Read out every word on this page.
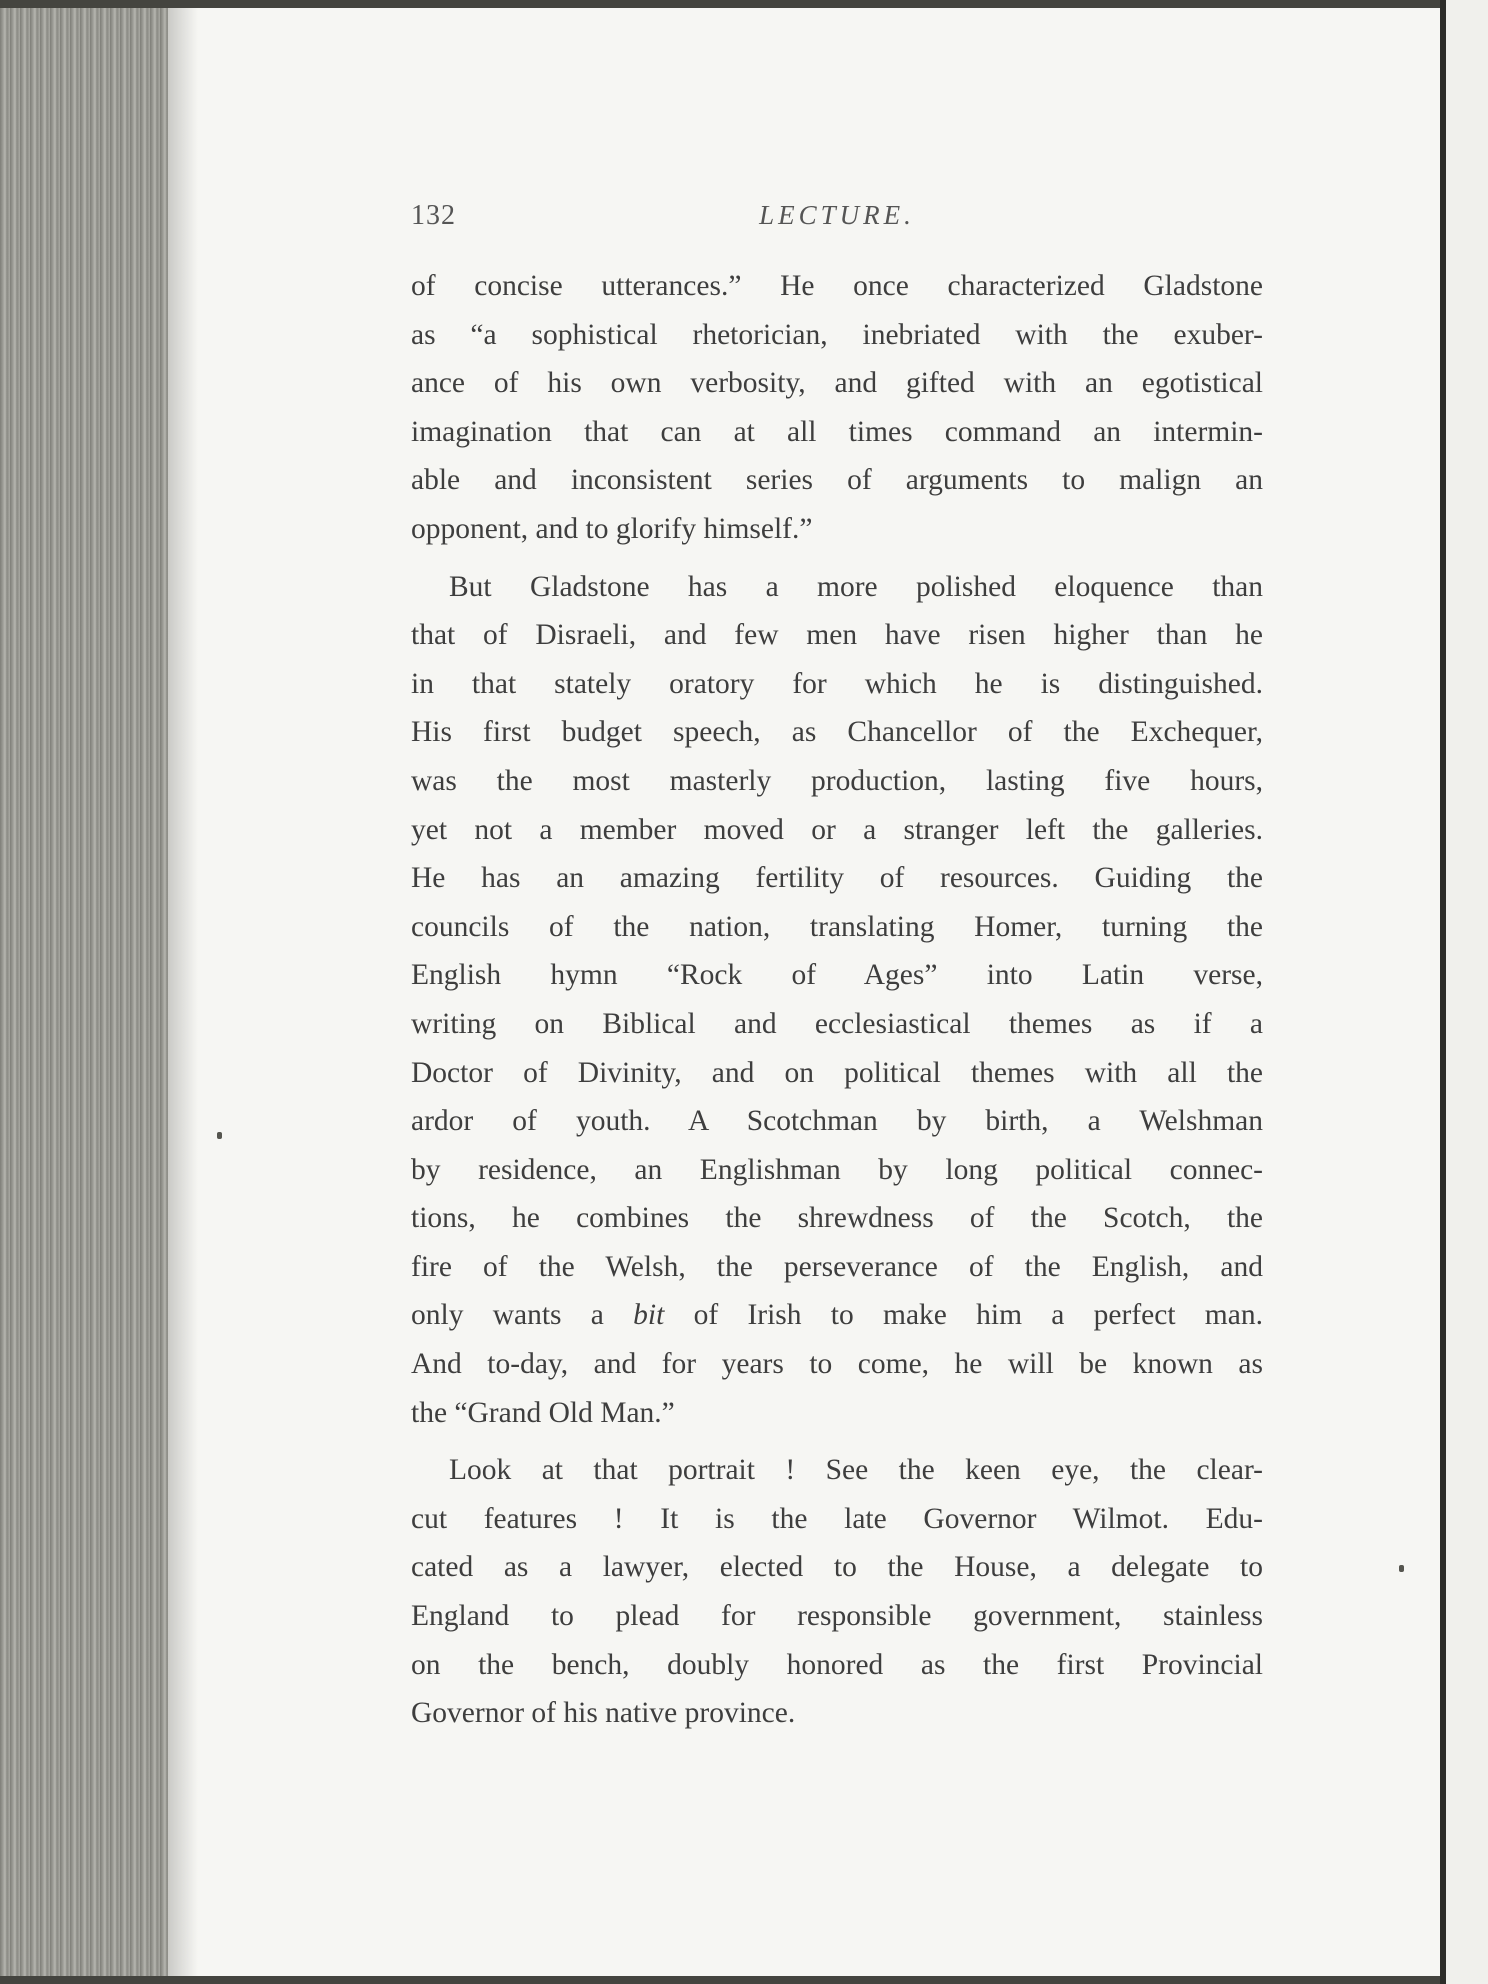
132	LECTURE.
of concise utterances.” He once characterized Gladstone
as “a sophistical rhetorician, inebriated with the exuber-
ance of his own verbosity, and gifted with an egotistical
imagination that can at all times command an intermin-
able and inconsistent series of arguments to malign an
opponent, and to glorify himself.”
But Gladstone has a more polished eloquence than
that of Disraeli, and few men have risen higher than he
in that stately oratory for which he is distinguished.
His first budget speech, as Chancellor of the Exchequer,
was the most masterly production, lasting five hours,
yet not a member moved or a stranger left the galleries.
He has an amazing fertility of resources. Guiding the
councils of the nation, translating Homer, turning the
English hymn “Rock of Ages” into Latin verse,
writing on Biblical and ecclesiastical themes as if a
Doctor of Divinity, and on political themes with all the
ardor of youth. A Scotchman by birth, a Welshman
by residence, an Englishman by long political connec-
tions, he combines the shrewdness of the Scotch, the
fire of the Welsh, the perseverance of the English, and
only wants a bit of Irish to make him a perfect man.
And to-day, and for years to come, he will be known as
the “Grand Old Man.”
Look at that portrait ! See the keen eye, the clear-
cut features ! It is the late Governor Wilmot. Edu-
cated as a lawyer, elected to the House, a delegate to
England to plead for responsible government, stainless
on the bench, doubly honored as the first Provincial
Governor of his native province.
